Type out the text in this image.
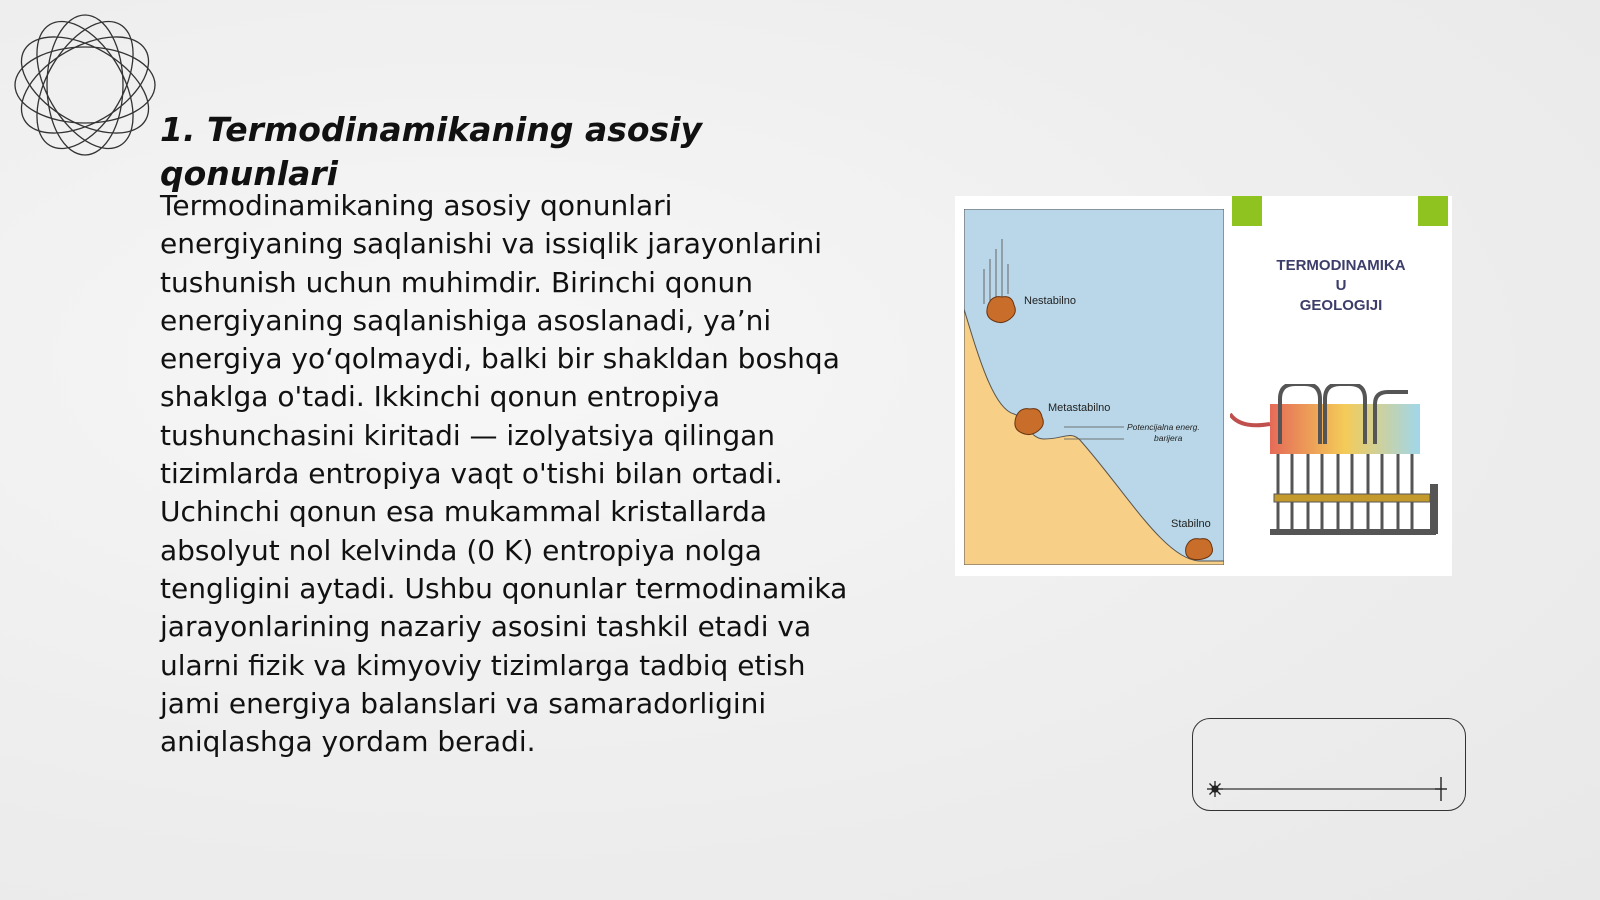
1. Termodinamikaning asosiy qonunlari

Termodinamikaning asosiy qonunlari energiyaning saqlanishi va issiqlik jarayonlarini tushunish uchun muhimdir. Birinchi qonun energiyaning saqlanishiga asoslanadi, ya’ni energiya yo‘qolmaydi, balki bir shakldan boshqa shaklga o'tadi. Ikkinchi qonun entropiya tushunchasini kiritadi — izolyatsiya qilingan tizimlarda entropiya vaqt o'tishi bilan ortadi. Uchinchi qonun esa mukammal kristallarda absolyut nol kelvinda (0 K) entropiya nolga tengligini aytadi. Ushbu qonunlar termodinamika jarayonlarining nazariy asosini tashkil etadi va ularni fizik va kimyoviy tizimlarga tadbiq etish jami energiya balanslari va samaradorligini aniqlashga yordam beradi.

Nestabilno
Metastabilno
Potencijalna energ.
barijera
Stabilno
TERMODINAMIKA
U
GEOLOGIJI
